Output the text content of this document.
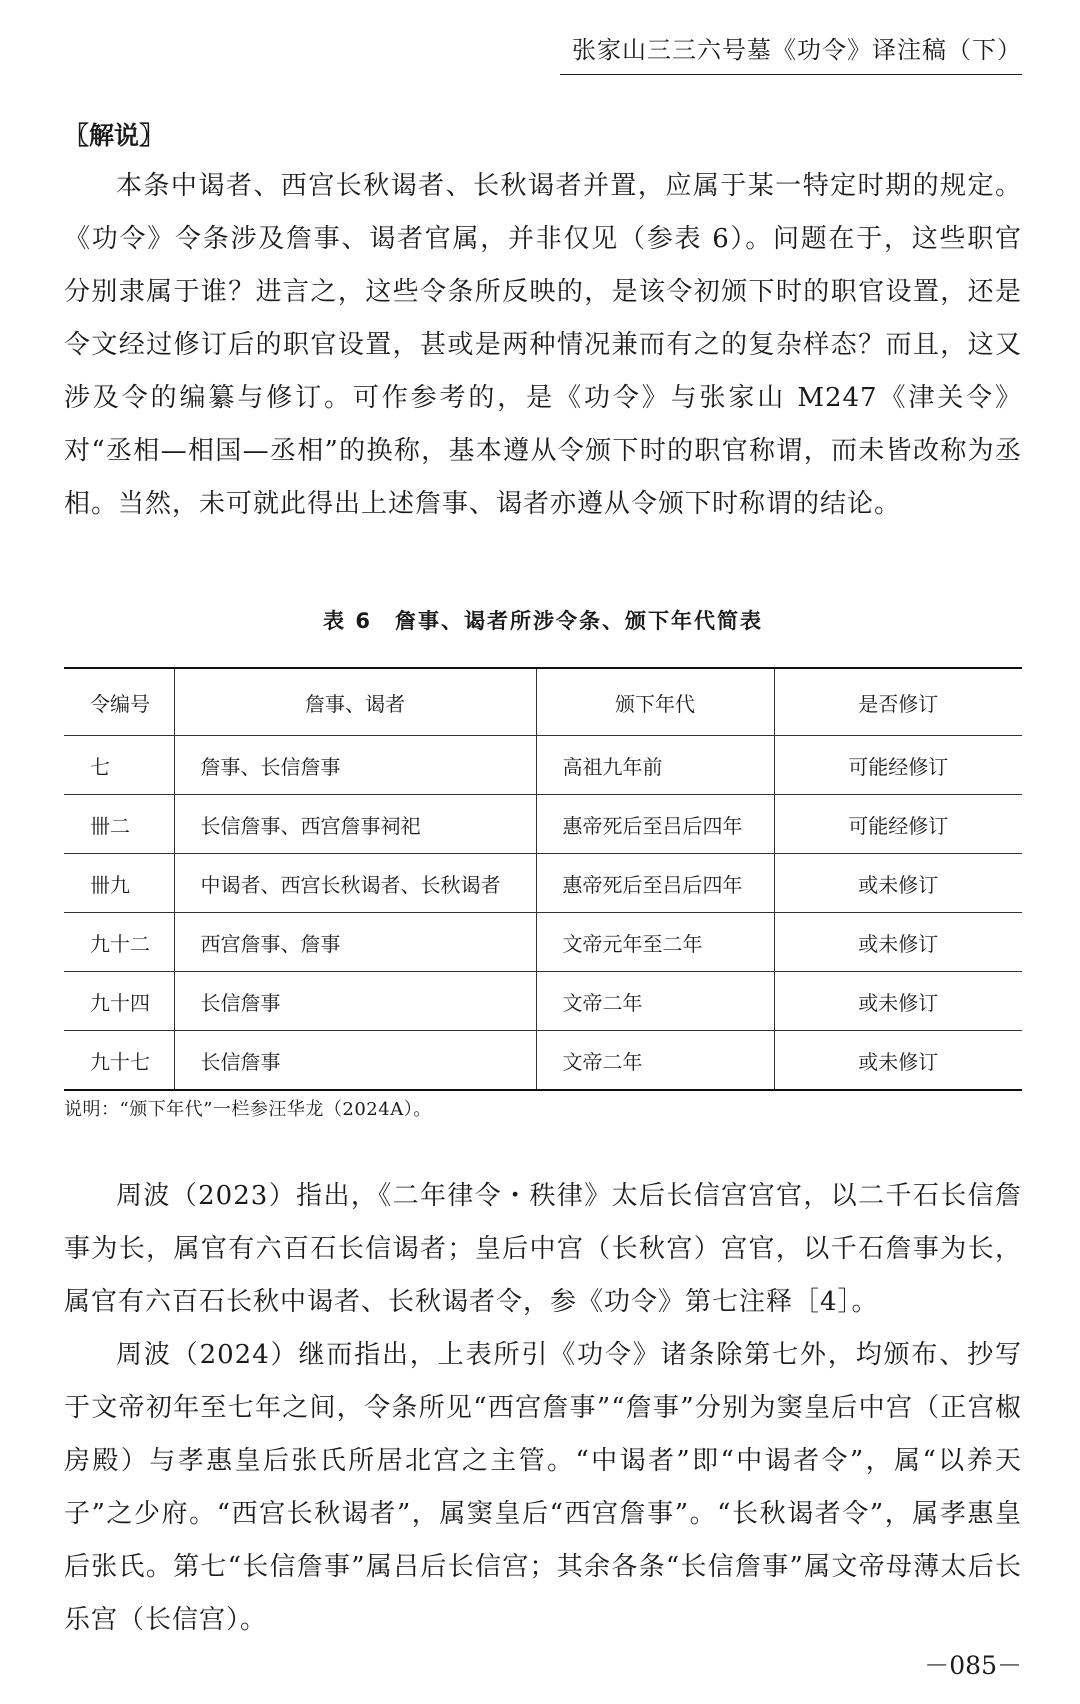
张家山三三六号墓《功令》译注稿（下）
〖解说〗

本条中谒者、西宫长秋谒者、长秋谒者并置，应属于某一特定时期的规定。《功令》令条涉及詹事、谒者官属，并非仅见（参表 6）。问题在于，这些职官分别隶属于谁？进言之，这些令条所反映的，是该令初颁下时的职官设置，还是令文经过修订后的职官设置，甚或是两种情况兼而有之的复杂样态？而且，这又涉及令的编纂与修订。可作参考的，是《功令》与张家山 M247《津关令》对“丞相—相国—丞相”的换称，基本遵从令颁下时的职官称谓，而未皆改称为丞相。当然，未可就此得出上述詹事、谒者亦遵从令颁下时称谓的结论。

表 6　詹事、谒者所涉令条、颁下年代简表
令编号	詹事、谒者	颁下年代	是否修订
七	詹事、长信詹事	高祖九年前	可能经修订
卌二	长信詹事、西宫詹事祠祀	惠帝死后至吕后四年	可能经修订
卌九	中谒者、西宫长秋谒者、长秋谒者	惠帝死后至吕后四年	或未修订
九十二	西宫詹事、詹事	文帝元年至二年	或未修订
九十四	长信詹事	文帝二年	或未修订
九十七	长信詹事	文帝二年	或未修订
说明：“颁下年代”一栏参汪华龙（2024A）。

周波（2023）指出，《二年律令・秩律》太后长信宫宫官，以二千石长信詹事为长，属官有六百石长信谒者；皇后中宫（长秋宫）宫官，以千石詹事为长，属官有六百石长秋中谒者、长秋谒者令，参《功令》第七注释［4］。

周波（2024）继而指出，上表所引《功令》诸条除第七外，均颁布、抄写于文帝初年至七年之间，令条所见“西宫詹事”“詹事”分别为窦皇后中宫（正宫椒房殿）与孝惠皇后张氏所居北宫之主管。“中谒者”即“中谒者令”，属“以养天子”之少府。“西宫长秋谒者”，属窦皇后“西宫詹事”。“长秋谒者令”，属孝惠皇后张氏。第七“长信詹事”属吕后长信宫；其余各条“长信詹事”属文帝母薄太后长乐宫（长信宫）。

－085－
